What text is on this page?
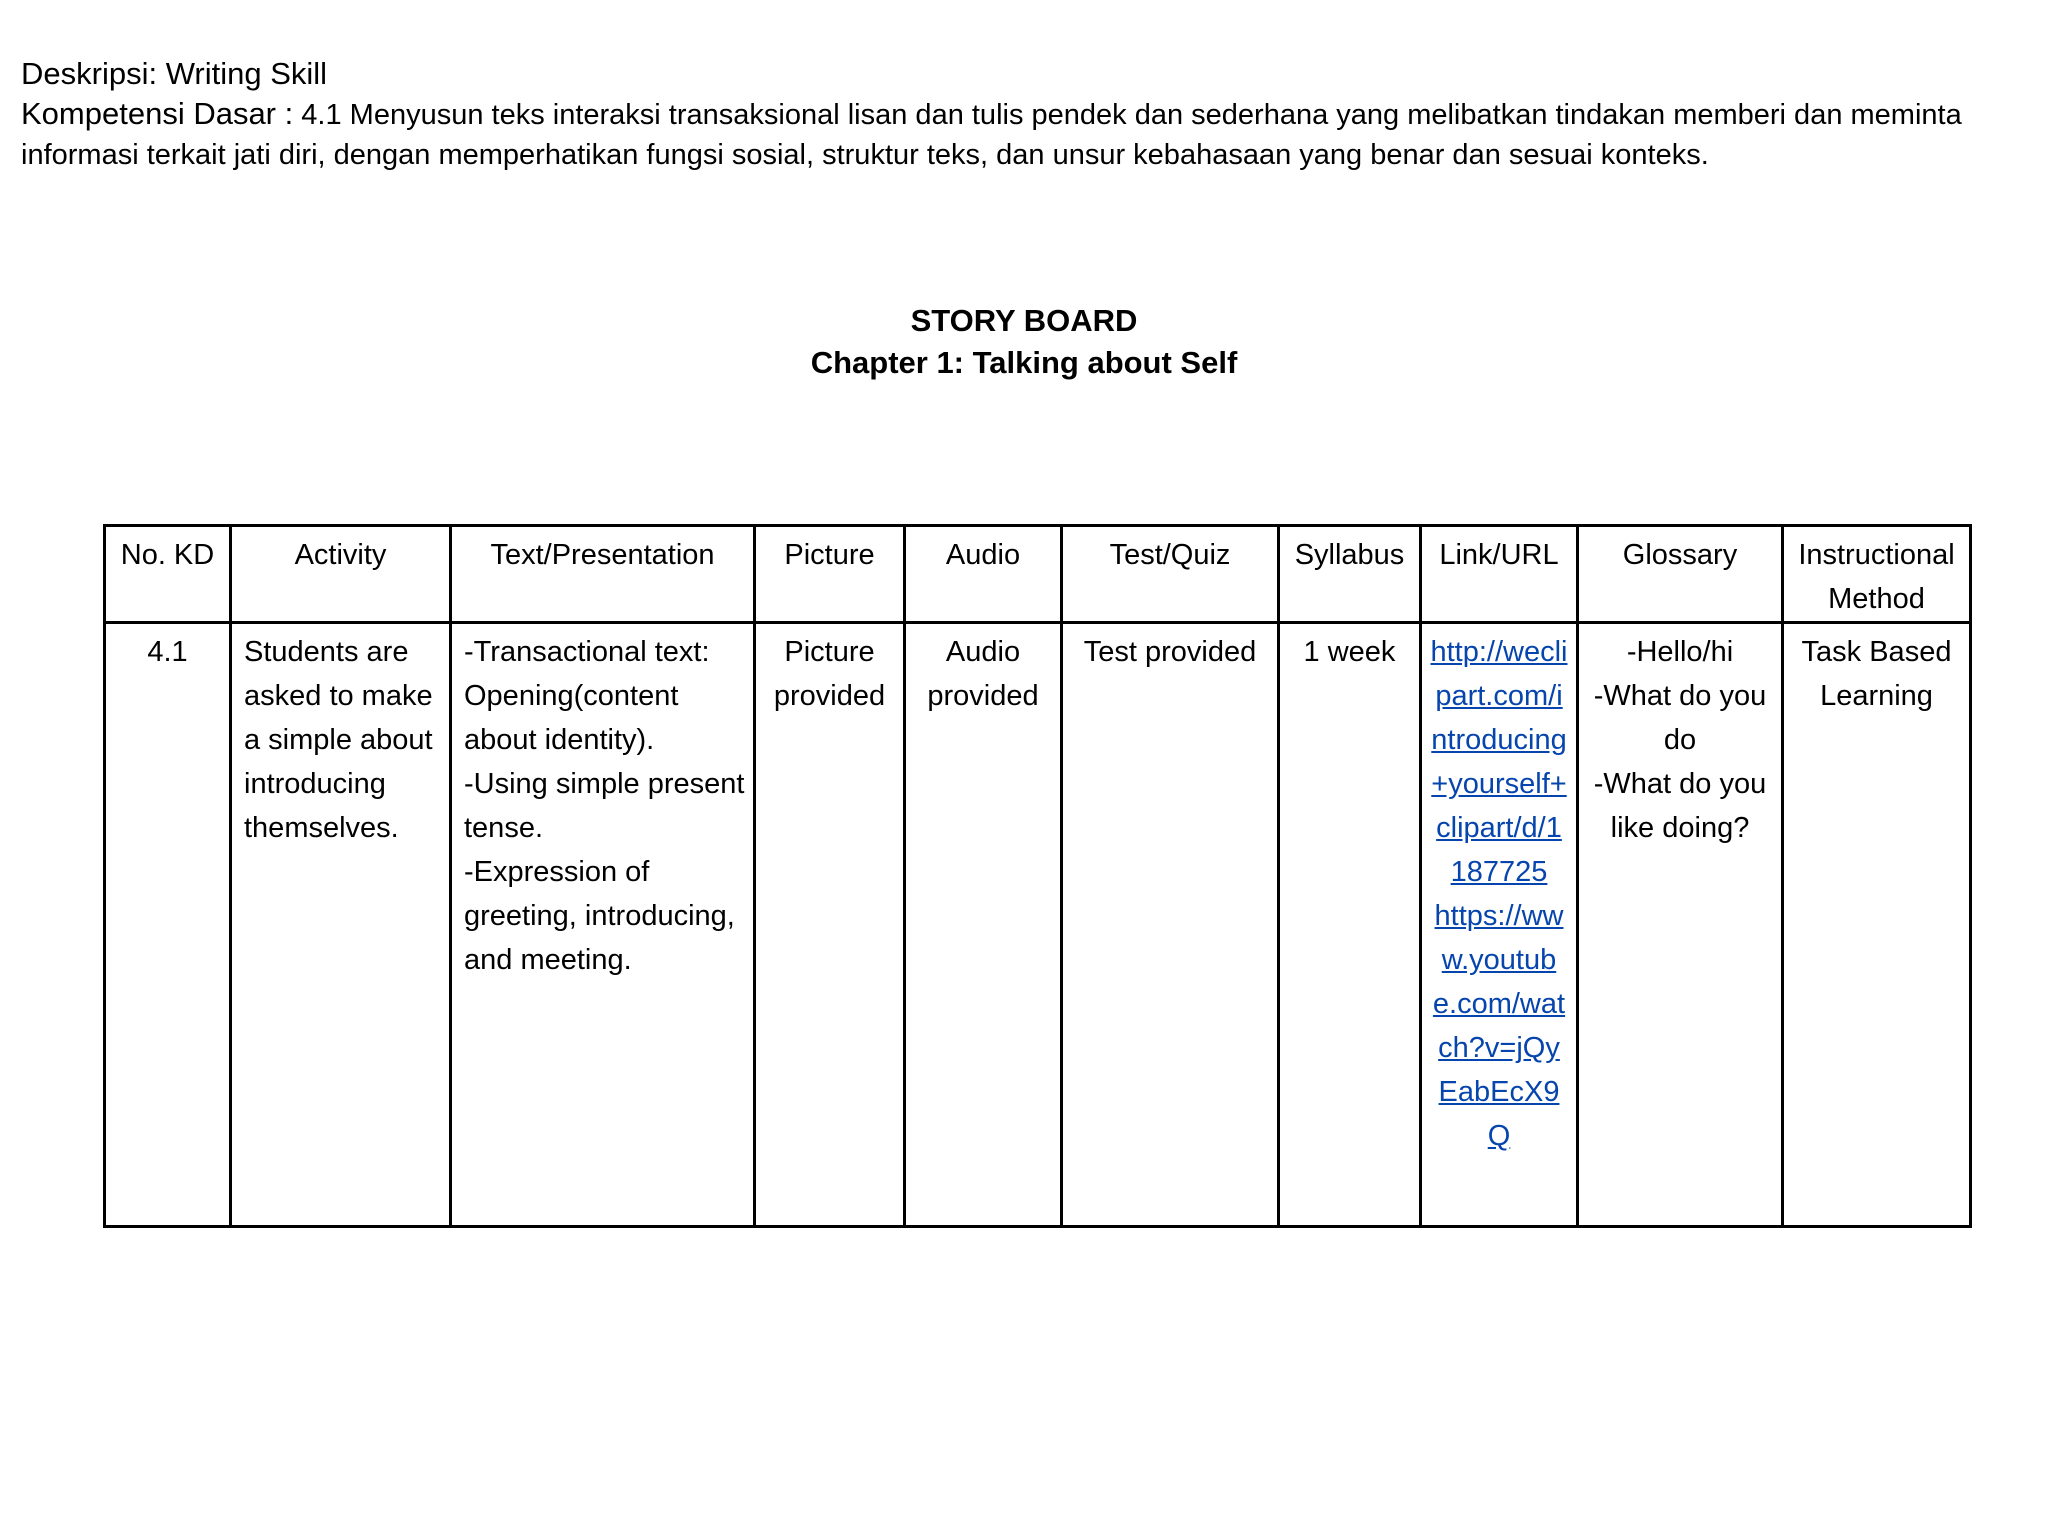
Deskripsi: Writing Skill

Kompetensi Dasar : 4.1 Menyusun teks interaksi transaksional lisan dan tulis pendek dan sederhana yang melibatkan tindakan memberi dan meminta informasi terkait jati diri, dengan memperhatikan fungsi sosial, struktur teks, dan unsur kebahasaan yang benar dan sesuai konteks.

STORY BOARD
Chapter 1: Talking about Self
No. KD	Activity	Text/Presentation	Picture	Audio	Test/Quiz	Syllabus	Link/URL	Glossary	Instructional Method
4.1	Students are asked to make a simple about introducing themselves.	-Transactional text: Opening(content about identity).
-Using simple present tense.
-Expression of greeting, introducing, and meeting.	Picture provided	Audio provided	Test provided	1 week	http://weclipart.com/introducing+yourself+clipart/d/1187725
https://www.youtube.com/watch?v=jQyEabEcX9Q	-Hello/hi
-What do you do
-What do you like doing?	Task Based Learning
